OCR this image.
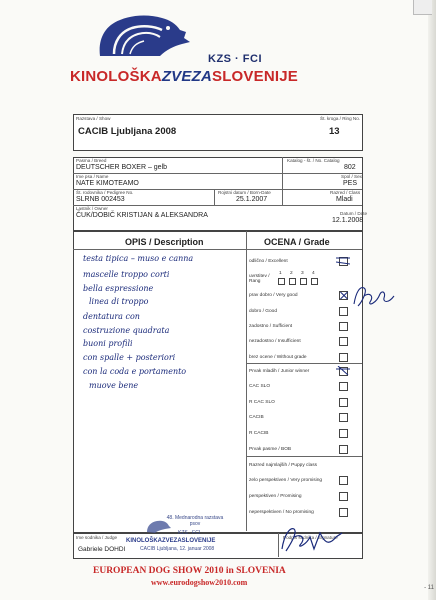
KZS · FCI
KINOLOŠKAZVEZASLOVENIJE
Razstava / Show
CACIB Ljubljana 2008
Št. kroga / Ring No.
13
Pasma / Breed
DEUTSCHER BOXER – gelb
Katalog - št. / No. Catalog
802
Ime psa / Name
NATE KIMOTEAMO
Spol / Sex
PES
Št. rodovnika / Pedigree No.
SLRNB 002453
Rojstni datum / Born-Date
25.1.2007
Razred / Class
Mladi
Lastnik / Owner
ČUK/DOBIČ KRISTIJAN & ALEKSANDRA	Datum / Date
12.1.2008
OPIS / Description	OCENA / Grade
testa tipica – muso e canna
mascelle troppo corti
bella espressione
linea di troppo
dentatura con
costruzione quadrata
buoni profili
con spalle + posteriori
con la coda e portamento
muove bene
odlično / Excellent
uvrstitev / Rang
1 2 3 4
prav dobro / Very good
dobro / Good
zadostno / Sufficient
nezadostno / Insufficient
brez ocene / Without grade
Prvak mladih / Junior winner
CAC SLO
R CAC SLO
CACIB
R CACIB
Prvak pasme / BOB
Razred najmlajših / Puppy class
zelo perspektiven / Very promising
perspektiven / Promising
neperspektiven / No promising
Ime sodnika / Judge
Gabriele DOHDI
Podpis sodnika / Signature
48. Mednarodna razstava psov
KZS · FCI
KINOLOŠKAZVEZASLOVENIJE
CACIB Ljubljana, 12. januar 2008
EUROPEAN DOG SHOW 2010 in SLOVENIA
www.eurodogshow2010.com
- 11
